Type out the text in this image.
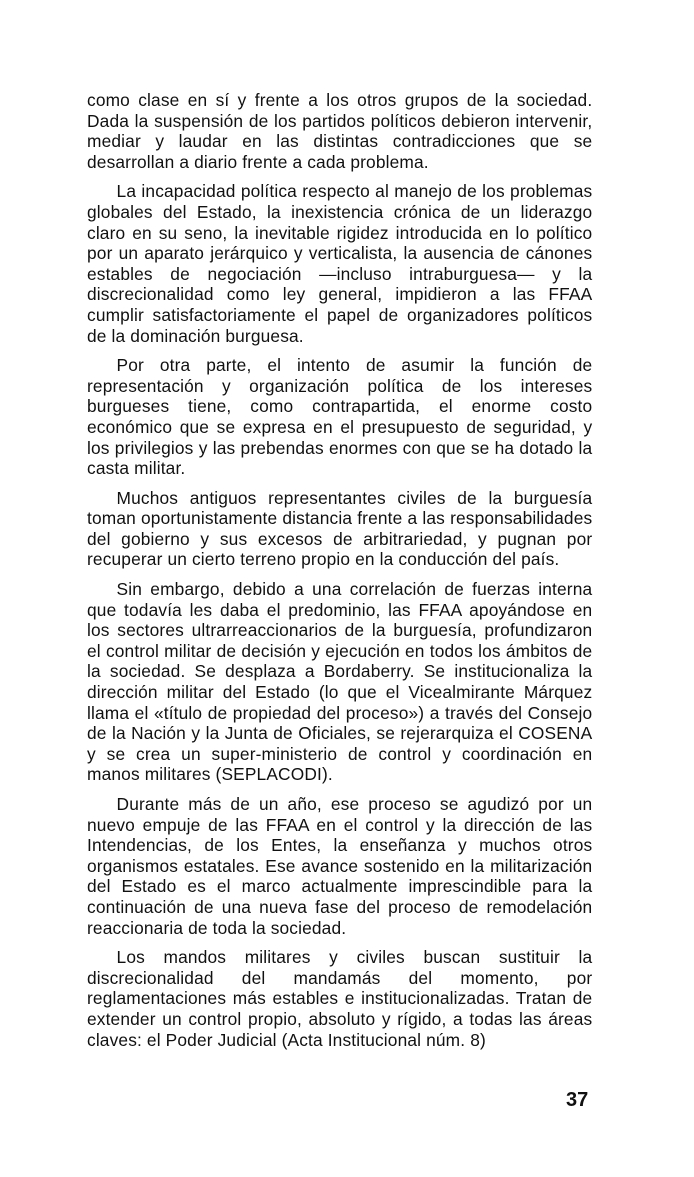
como clase en sí y frente a los otros grupos de la sociedad. Dada la suspensión de los partidos políticos debieron intervenir, mediar y laudar en las distintas contradicciones que se desarrollan a diario frente a cada problema.

La incapacidad política respecto al manejo de los problemas globales del Estado, la inexistencia crónica de un liderazgo claro en su seno, la inevitable rigidez introducida en lo político por un aparato jerárquico y verticalista, la ausencia de cánones estables de negociación —incluso intraburguesa— y la discrecionalidad como ley general, impidieron a las FFAA cumplir satisfactoriamente el papel de organizadores políticos de la dominación burguesa.

Por otra parte, el intento de asumir la función de representación y organización política de los intereses burgueses tiene, como contrapartida, el enorme costo económico que se expresa en el presupuesto de seguridad, y los privilegios y las prebendas enormes con que se ha dotado la casta militar.

Muchos antiguos representantes civiles de la burguesía toman oportunistamente distancia frente a las responsabilidades del gobierno y sus excesos de arbitrariedad, y pugnan por recuperar un cierto terreno propio en la conducción del país.

Sin embargo, debido a una correlación de fuerzas interna que todavía les daba el predominio, las FFAA apoyándose en los sectores ultrarreaccionarios de la burguesía, profundizaron el control militar de decisión y ejecución en todos los ámbitos de la sociedad. Se desplaza a Bordaberry. Se institucionaliza la dirección militar del Estado (lo que el Vicealmirante Márquez llama el «título de propiedad del proceso») a través del Consejo de la Nación y la Junta de Oficiales, se rejerarquiza el COSENA y se crea un super-ministerio de control y coordinación en manos militares (SEPLACODI).

Durante más de un año, ese proceso se agudizó por un nuevo empuje de las FFAA en el control y la dirección de las Intendencias, de los Entes, la enseñanza y muchos otros organismos estatales. Ese avance sostenido en la militarización del Estado es el marco actualmente imprescindible para la continuación de una nueva fase del proceso de remodelación reaccionaria de toda la sociedad.

Los mandos militares y civiles buscan sustituir la discrecionalidad del mandamás del momento, por reglamentaciones más estables e institucionalizadas. Tratan de extender un control propio, absoluto y rígido, a todas las áreas claves: el Poder Judicial (Acta Institucional núm. 8)

37
